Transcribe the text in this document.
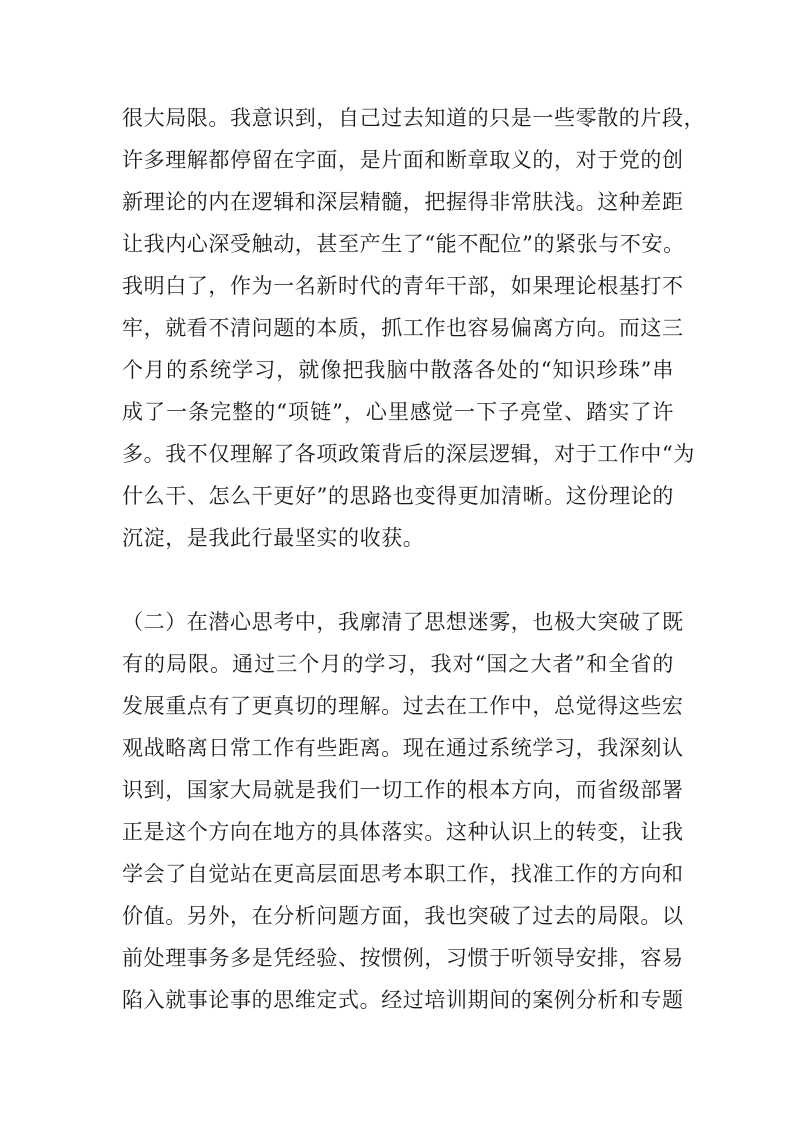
很大局限。我意识到，自己过去知道的只是一些零散的片段，
许多理解都停留在字面，是片面和断章取义的，对于党的创
新理论的内在逻辑和深层精髓，把握得非常肤浅。这种差距
让我内心深受触动，甚至产生了“能不配位”的紧张与不安。
我明白了，作为一名新时代的青年干部，如果理论根基打不
牢，就看不清问题的本质，抓工作也容易偏离方向。而这三
个月的系统学习，就像把我脑中散落各处的“知识珍珠”串
成了一条完整的“项链”，心里感觉一下子亮堂、踏实了许
多。我不仅理解了各项政策背后的深层逻辑，对于工作中“为
什么干、怎么干更好”的思路也变得更加清晰。这份理论的
沉淀，是我此行最坚实的收获。
（二）在潜心思考中，我廓清了思想迷雾，也极大突破了既
有的局限。通过三个月的学习，我对“国之大者”和全省的
发展重点有了更真切的理解。过去在工作中，总觉得这些宏
观战略离日常工作有些距离。现在通过系统学习，我深刻认
识到，国家大局就是我们一切工作的根本方向，而省级部署
正是这个方向在地方的具体落实。这种认识上的转变，让我
学会了自觉站在更高层面思考本职工作，找准工作的方向和
价值。另外，在分析问题方面，我也突破了过去的局限。以
前处理事务多是凭经验、按惯例，习惯于听领导安排，容易
陷入就事论事的思维定式。经过培训期间的案例分析和专题
